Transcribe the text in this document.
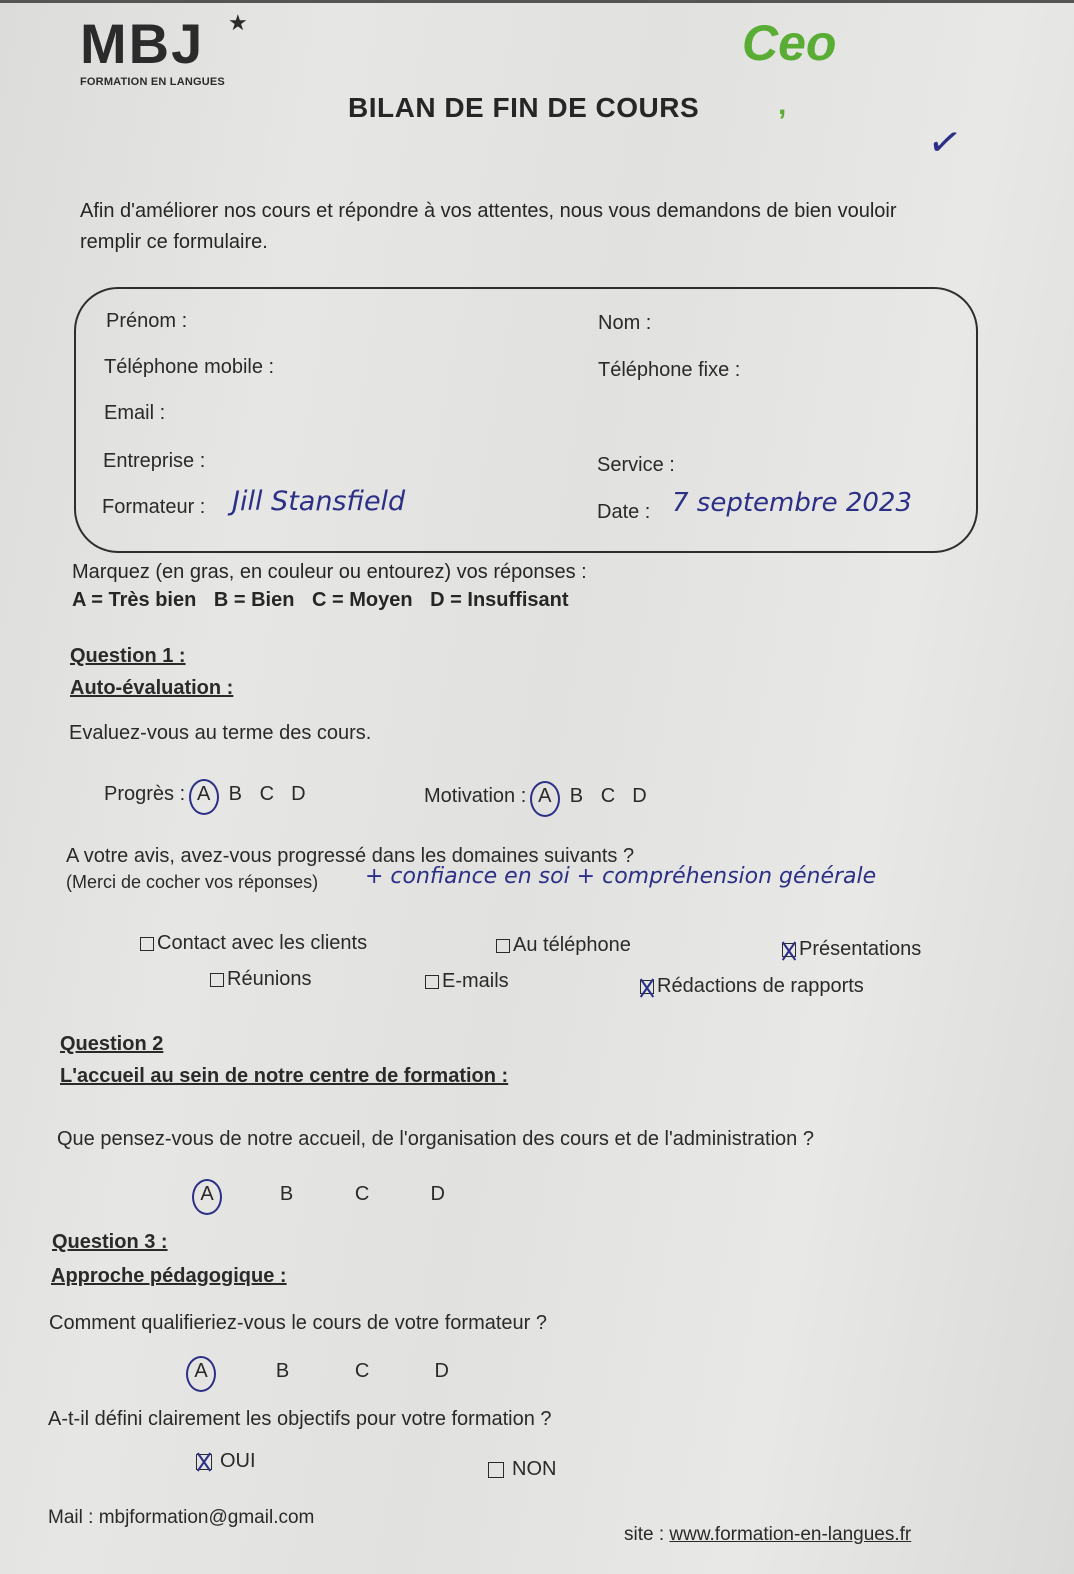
MBJ	★
FORMATION EN LANGUES
BILAN DE FIN DE COURS
Ceo
,
✓
Afin d'améliorer nos cours et répondre à vos attentes, nous vous demandons de bien vouloir remplir ce formulaire.
Prénom :	Nom :
Téléphone mobile :	Téléphone fixe :
Email :
Entreprise :	Service :
Formateur : Jill Stansfield	Date : 7 septembre 2023
Marquez (en gras, en couleur ou entourez) vos réponses :
A = Très bien B = Bien C = Moyen D = Insuffisant
Question 1 :
Auto-évaluation :
Evaluez-vous au terme des cours.
Progrès : A B C D	Motivation : A B C D
A votre avis, avez-vous progressé dans les domaines suivants ?
(Merci de cocher vos réponses) + confiance en soi + compréhension générale
Contact avec les clients	Au téléphone	Présentations
Réunions	E-mails	Rédactions de rapports
Question 2
L'accueil au sein de notre centre de formation :
Que pensez-vous de notre accueil, de l'organisation des cours et de l'administration ?
A	B	C	D
Question 3 :
Approche pédagogique :
Comment qualifieriez-vous le cours de votre formateur ?
A	B	C	D
A-t-il défini clairement les objectifs pour votre formation ?
OUI	NON
Mail : mbjformation@gmail.com
site : www.formation-en-langues.fr
